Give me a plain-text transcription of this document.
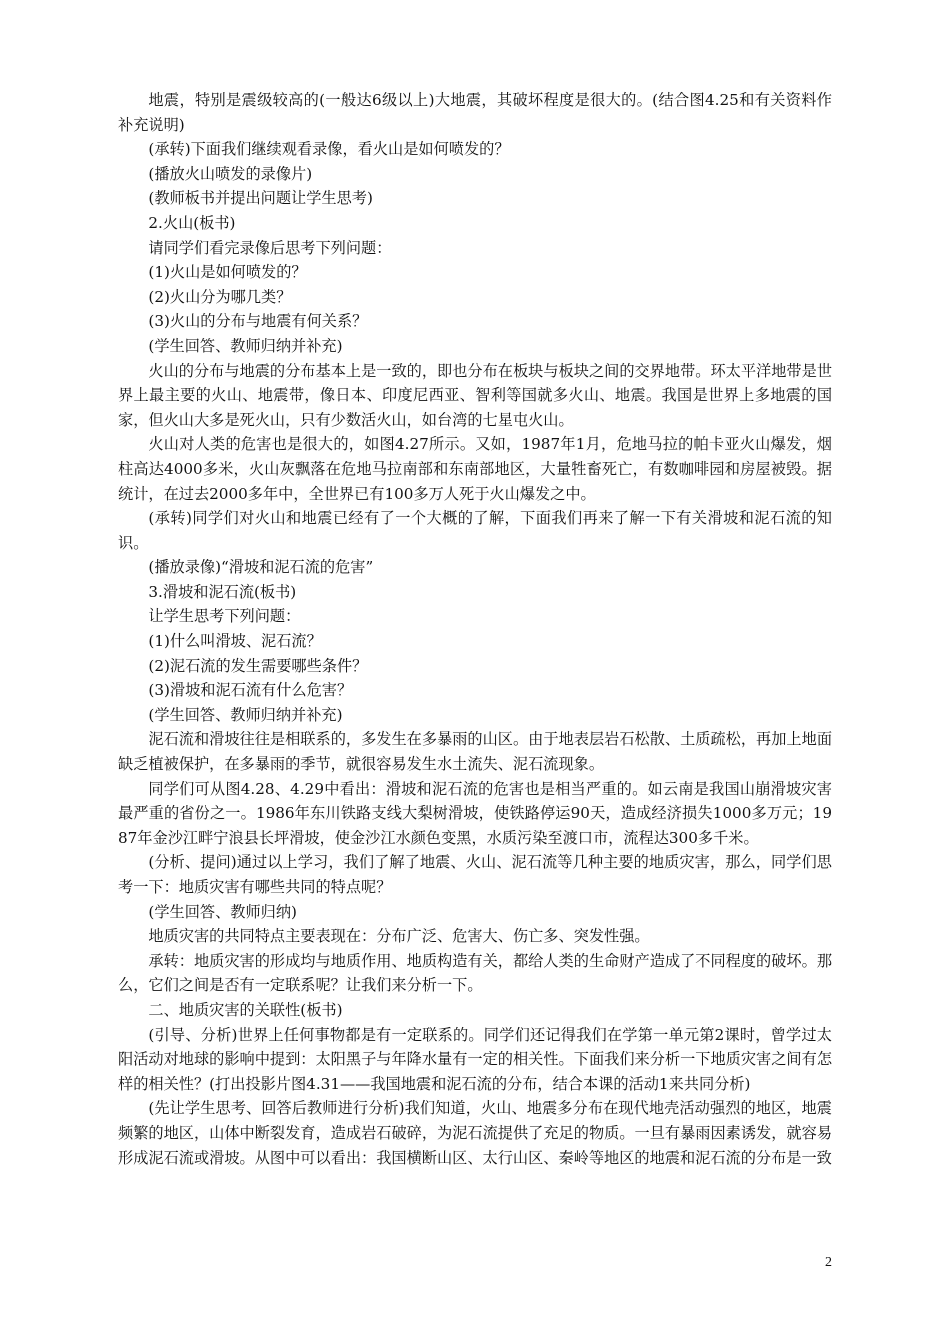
地震，特别是震级较高的(一般达6级以上)大地震，其破坏程度是很大的。(结合图4.25和有关资料作补充说明)

(承转)下面我们继续观看录像，看火山是如何喷发的？

(播放火山喷发的录像片)

(教师板书并提出问题让学生思考)

2.火山(板书)

请同学们看完录像后思考下列问题：

(1)火山是如何喷发的？

(2)火山分为哪几类？

(3)火山的分布与地震有何关系？

(学生回答、教师归纳并补充)

火山的分布与地震的分布基本上是一致的，即也分布在板块与板块之间的交界地带。环太平洋地带是世界上最主要的火山、地震带，像日本、印度尼西亚、智利等国就多火山、地震。我国是世界上多地震的国家，但火山大多是死火山，只有少数活火山，如台湾的七星屯火山。

火山对人类的危害也是很大的，如图4.27所示。又如，1987年1月，危地马拉的帕卡亚火山爆发，烟柱高达4000多米，火山灰飘落在危地马拉南部和东南部地区，大量牲畜死亡，有数咖啡园和房屋被毁。据统计，在过去2000多年中，全世界已有100多万人死于火山爆发之中。

(承转)同学们对火山和地震已经有了一个大概的了解，下面我们再来了解一下有关滑坡和泥石流的知识。

(播放录像)“滑坡和泥石流的危害”

3.滑坡和泥石流(板书)

让学生思考下列问题：

(1)什么叫滑坡、泥石流？

(2)泥石流的发生需要哪些条件？

(3)滑坡和泥石流有什么危害？

(学生回答、教师归纳并补充)

泥石流和滑坡往往是相联系的，多发生在多暴雨的山区。由于地表层岩石松散、土质疏松，再加上地面缺乏植被保护，在多暴雨的季节，就很容易发生水土流失、泥石流现象。

同学们可从图4.28、4.29中看出：滑坡和泥石流的危害也是相当严重的。如云南是我国山崩滑坡灾害最严重的省份之一。1986年东川铁路支线大梨树滑坡，使铁路停运90天，造成经济损失1000多万元；1987年金沙江畔宁浪县长坪滑坡，使金沙江水颜色变黑，水质污染至渡口市，流程达300多千米。

(分析、提问)通过以上学习，我们了解了地震、火山、泥石流等几种主要的地质灾害，那么，同学们思考一下：地质灾害有哪些共同的特点呢？

(学生回答、教师归纳)

地质灾害的共同特点主要表现在：分布广泛、危害大、伤亡多、突发性强。

承转：地质灾害的形成均与地质作用、地质构造有关，都给人类的生命财产造成了不同程度的破坏。那么，它们之间是否有一定联系呢？让我们来分析一下。

二、地质灾害的关联性(板书)

(引导、分析)世界上任何事物都是有一定联系的。同学们还记得我们在学第一单元第2课时，曾学过太阳活动对地球的影响中提到：太阳黑子与年降水量有一定的相关性。下面我们来分析一下地质灾害之间有怎样的相关性？(打出投影片图4.31——我国地震和泥石流的分布，结合本课的活动1来共同分析)

(先让学生思考、回答后教师进行分析)我们知道，火山、地震多分布在现代地壳活动强烈的地区，地震频繁的地区，山体中断裂发育，造成岩石破碎，为泥石流提供了充足的物质。一旦有暴雨因素诱发，就容易形成泥石流或滑坡。从图中可以看出：我国横断山区、太行山区、秦岭等地区的地震和泥石流的分布是一致

2
